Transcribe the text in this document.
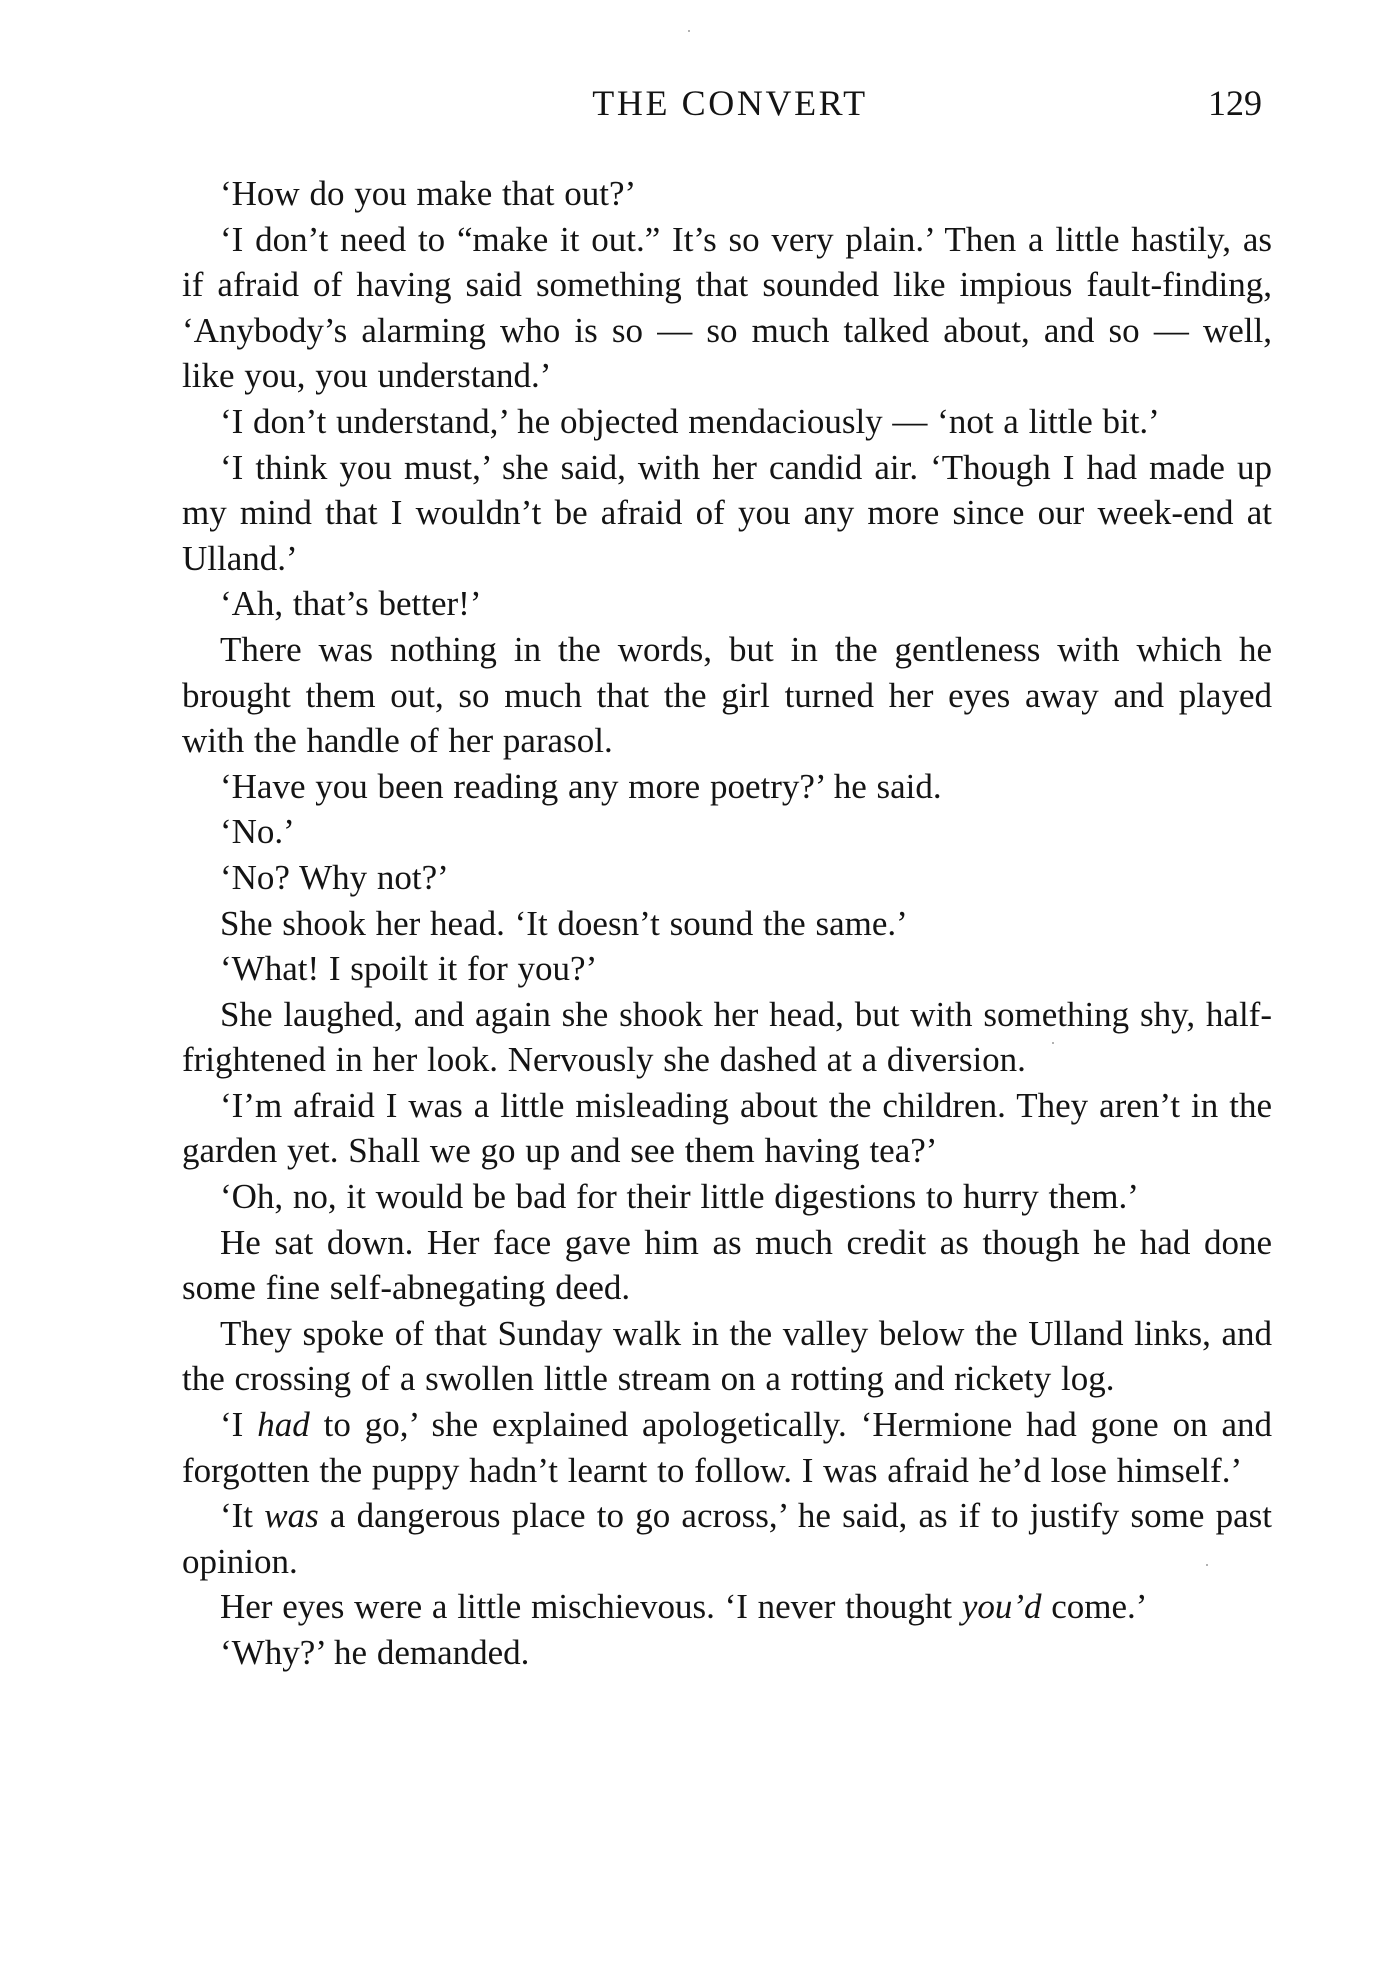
THE CONVERT	129

‘How do you make that out?’

‘I don’t need to “make it out.” It’s so very plain.’ Then a little hastily, as if afraid of having said something that sounded like impious fault-finding, ‘Anybody’s alarming who is so — so much talked about, and so — well, like you, you understand.’

‘I don’t understand,’ he objected mendaciously — ‘not a little bit.’

‘I think you must,’ she said, with her candid air. ‘Though I had made up my mind that I wouldn’t be afraid of you any more since our week-end at Ulland.’

‘Ah, that’s better!’

There was nothing in the words, but in the gentleness with which he brought them out, so much that the girl turned her eyes away and played with the handle of her parasol.

‘Have you been reading any more poetry?’ he said.

‘No.’

‘No? Why not?’

She shook her head. ‘It doesn’t sound the same.’

‘What! I spoilt it for you?’

She laughed, and again she shook her head, but with something shy, half-frightened in her look. Nervously she dashed at a diversion.

‘I’m afraid I was a little misleading about the children. They aren’t in the garden yet. Shall we go up and see them having tea?’

‘Oh, no, it would be bad for their little digestions to hurry them.’

He sat down. Her face gave him as much credit as though he had done some fine self-abnegating deed.

They spoke of that Sunday walk in the valley below the Ulland links, and the crossing of a swollen little stream on a rotting and rickety log.

‘I had to go,’ she explained apologetically. ‘Hermione had gone on and forgotten the puppy hadn’t learnt to follow. I was afraid he’d lose himself.’

‘It was a dangerous place to go across,’ he said, as if to justify some past opinion.

Her eyes were a little mischievous. ‘I never thought you’d come.’

‘Why?’ he demanded.
